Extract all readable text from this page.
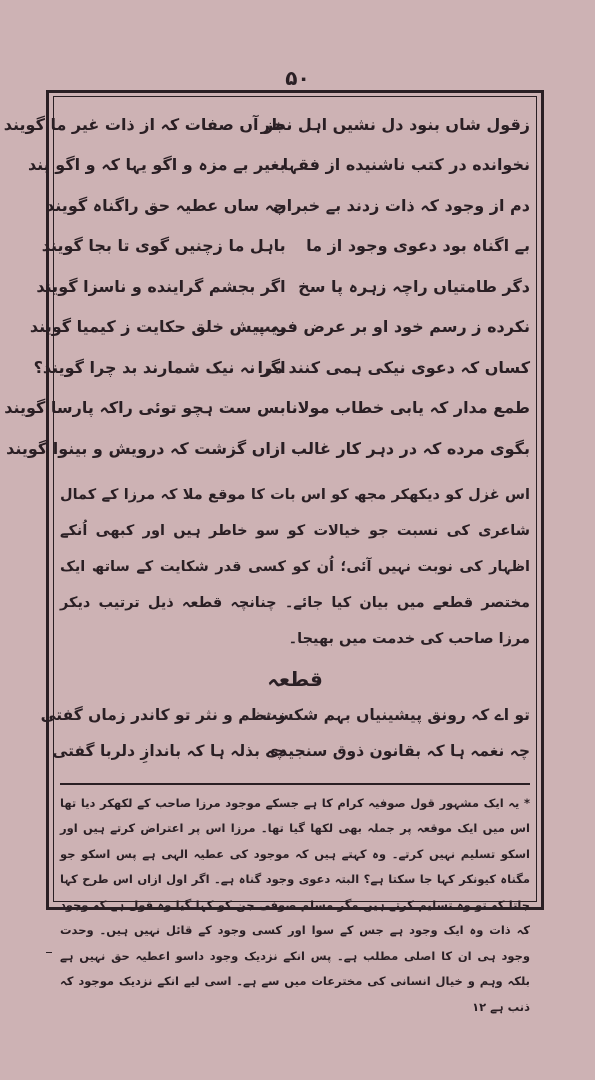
۵۰
زقول شاں بنود دل نشیں اہل نظر
جز آں صفات کہ از ذات غیر ما گویند
نخوانده در کتب ناشنیده از فقہا
بغیر بے مزہ و اگو یہا کہ و اگو یند
دم از وجود کہ ذات زدند بے خبراں
چہ ساں عطیہ حق راگناہ گویند
بے اگناہ بود دعوی وجود از ما
باہل ما زچنیں گوی تا بجا گویند
دگر طامتیاں راچہ زہرہ پا سخ
اگر بجشم گراینده و ناسزا گویند
نکرده ز رسم خود او بر عرض فریب
بہ پیش خلق حکایت ز کیمیا گویند
کساں کہ دعوی نیکی ہمی کنند مرا
اگر نہ نیک شمارند بد چرا گویند؟
طمع مدار کہ یابی خطاب مولانا
بس ست ہچو توئی راکہ پارسا گویند
بگوی مرده کہ در دہر کار غالب ار
ازاں گزشت کہ درویش و بینوا گویند
اس غزل کو دیکھکر مجھ کو اس بات کا موقع ملا کہ مرزا کے کمال شاعری کی نسبت جو خیالات کو سو خاطر ہیں اور کبھی اُنکے اظہار کی نوبت نہیں آئی؛ اُن کو کسی قدر شکایت کے ساتھ ایک مختصر قطعے میں بیان کیا جائے۔ چنانچہ قطعہ ذیل ترتیب دیکر مرزا صاحب کی خدمت میں بھیجا۔
قطعہ
تو اے کہ رونق پیشینیاں بہم شکست
ز نظم و نثر تو کاندر زماں گفتی
چہ نغمہ ہا کہ بقانون ذوق سنجیدی
چہ بذلہ ہا کہ باندازِ دلربا گفتی
* یہ ایک مشہور قول صوفیہ کرام کا ہے جسکے موجود مرزا صاحب کے لکھکر دیا تھا اس میں ایک موقعہ پر جملہ بھی لکھا گیا تھا۔ مرزا اس پر اعتراض کرتے ہیں اور اسکو تسلیم نہیں کرتے۔ وہ کہتے ہیں کہ موجود کی عطیہ الہی ہے پس اسکو جو مگناہ کیونکر کہا جا سکتا ہے؟ البتہ دعوی وجود گناہ ہے۔ اگر اول ازاں اس طرح کہا جاتا کہ تو وہ تسلیم کرتے ہیں مگر مسلم صوفی جن کو کہا گیا وہ قول ہے کہ وجود کہ ذات وہ ایک وجود ہے جس کے سوا اور کسی وجود کے قائل نہیں ہیں۔ وحدت وجود ہی ان کا اصلی مطلب ہے۔ پس انکے نزدیک وجود داسو اعطیہ حق نہیں ہے بلکہ وہم و خیال انسانی کی مخترعات میں سے ہے۔ اسی لیے انکے نزدیک موجود کہ ذنب ہے ۱۲
